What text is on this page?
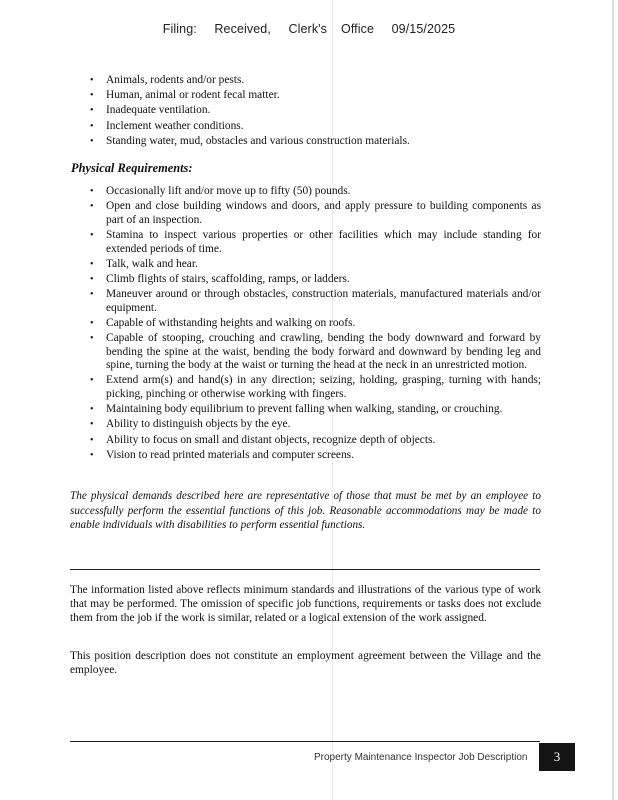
Filing: Received, Clerk's Office 09/15/2025
• Animals, rodents and/or pests.
• Human, animal or rodent fecal matter.
• Inadequate ventilation.
• Inclement weather conditions.
• Standing water, mud, obstacles and various construction materials.
Physical Requirements:
• Occasionally lift and/or move up to fifty (50) pounds.
• Open and close building windows and doors, and apply pressure to building components as part of an inspection.
• Stamina to inspect various properties or other facilities which may include standing for extended periods of time.
• Talk, walk and hear.
• Climb flights of stairs, scaffolding, ramps, or ladders.
• Maneuver around or through obstacles, construction materials, manufactured materials and/or equipment.
• Capable of withstanding heights and walking on roofs.
• Capable of stooping, crouching and crawling, bending the body downward and forward by bending the spine at the waist, bending the body forward and downward by bending leg and spine, turning the body at the waist or turning the head at the neck in an unrestricted motion.
• Extend arm(s) and hand(s) in any direction; seizing, holding, grasping, turning with hands; picking, pinching or otherwise working with fingers.
• Maintaining body equilibrium to prevent falling when walking, standing, or crouching.
• Ability to distinguish objects by the eye.
• Ability to focus on small and distant objects, recognize depth of objects.
• Vision to read printed materials and computer screens.
The physical demands described here are representative of those that must be met by an employee to successfully perform the essential functions of this job. Reasonable accommodations may be made to enable individuals with disabilities to perform essential functions.
The information listed above reflects minimum standards and illustrations of the various type of work that may be performed. The omission of specific job functions, requirements or tasks does not exclude them from the job if the work is similar, related or a logical extension of the work assigned.
This position description does not constitute an employment agreement between the Village and the employee.
Property Maintenance Inspector Job Description	3
